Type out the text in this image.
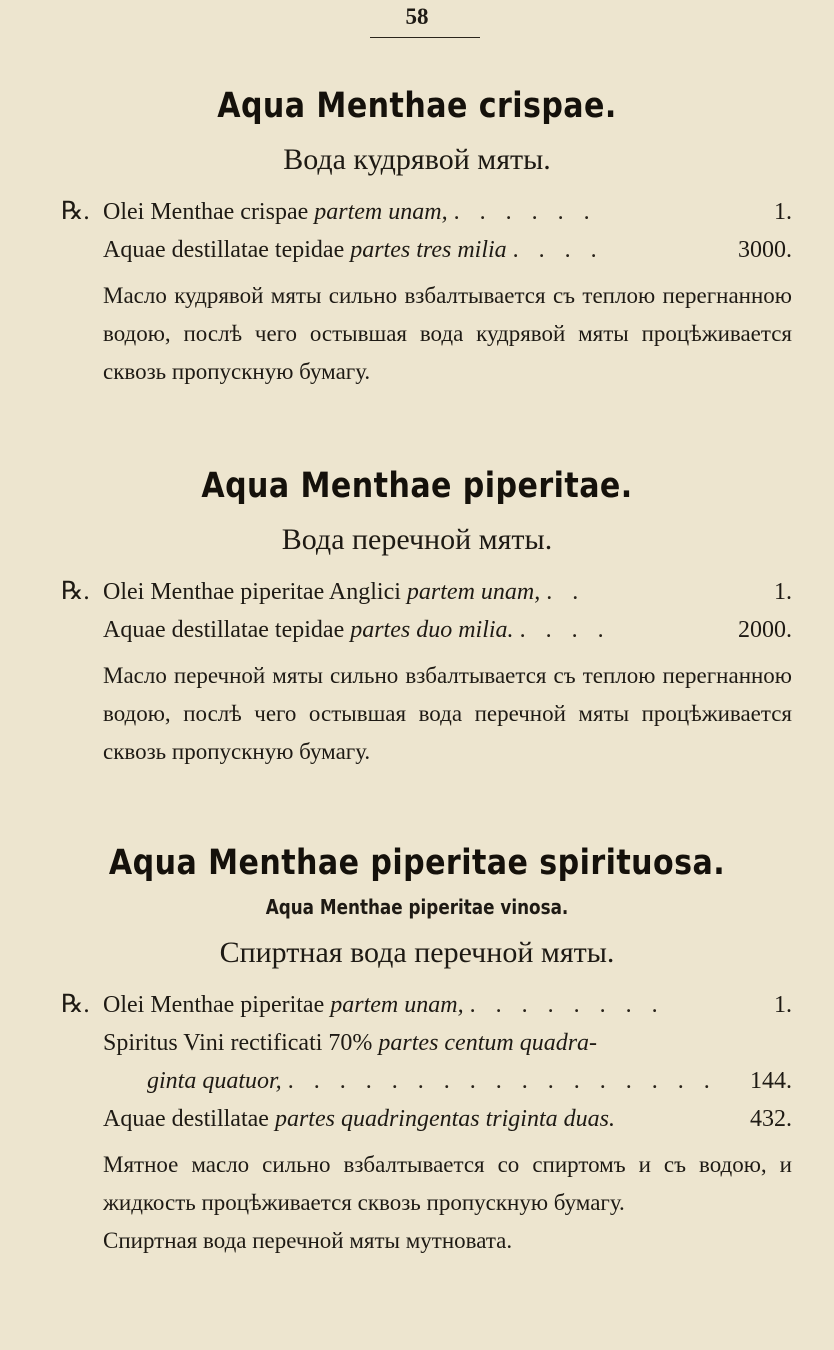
58
Aqua Menthae crispae.
Вода кудрявой мяты.
℞. Olei Menthae crispae partem unam, . . . . . .	1.
Aquae destillatae tepidae partes tres milia . . . .	3000.
Масло кудрявой мяты сильно взбалтывается съ теплою перегнанною водою, послѣ чего остывшая вода кудрявой мяты процѣживается сквозь пропускную бумагу.
Aqua Menthae piperitae.
Вода перечной мяты.
℞. Olei Menthae piperitae Anglici partem unam, . .	1.
Aquae destillatae tepidae partes duo milia. . . . .	2000.
Масло перечной мяты сильно взбалтывается съ теплою перегнанною водою, послѣ чего остывшая вода перечной мяты процѣживается сквозь пропускную бумагу.
Aqua Menthae piperitae spirituosa.
Aqua Menthae piperitae vinosa.
Спиртная вода перечной мяты.
℞. Olei Menthae piperitae partem unam, . . . . . . . .	1.
Spiritus Vini rectificati 70% partes centum quadra-
ginta quatuor, . . . . . . . . . . . . . . . . . 144.
Aquae destillatae partes quadringentas triginta duas.	432.
Мятное масло сильно взбалтывается со спиртомъ и съ водою, и жидкость процѣживается сквозь пропускную бумагу.
Спиртная вода перечной мяты мутновата.
